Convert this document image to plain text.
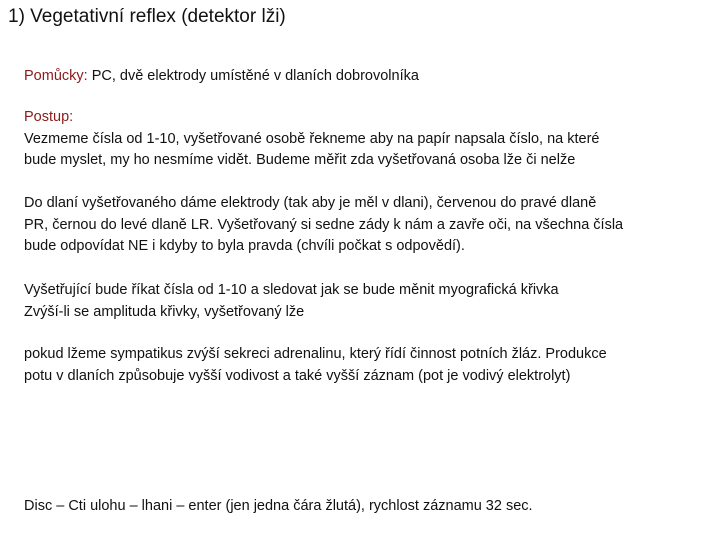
1) Vegetativní reflex (detektor lži)
Pomůcky: PC, dvě elektrody umístěné v dlaních dobrovolníka
Postup:
Vezmeme čísla od 1-10, vyšetřované osobě řekneme aby na papír napsala číslo, na které
bude myslet, my ho nesmíme vidět. Budeme měřit zda vyšetřovaná osoba lže či nelže
Do dlaní vyšetřovaného dáme elektrody (tak aby je měl v dlani), červenou do pravé dlaně
PR, černou do levé dlaně LR. Vyšetřovaný si sedne zády k nám a zavře oči, na všechna čísla
bude odpovídat NE i kdyby to byla pravda (chvíli počkat s odpovědí).
Vyšetřující bude říkat čísla od 1-10 a sledovat jak se bude měnit myografická křivka
Zvýší-li se amplituda křivky, vyšetřovaný lže
pokud lžeme sympatikus zvýší sekreci adrenalinu, který řídí činnost potních žláz. Produkce
potu v dlaních způsobuje vyšší vodivost a také vyšší záznam (pot je vodivý elektrolyt)
Disc – Cti ulohu – lhani – enter (jen jedna čára žlutá), rychlost záznamu 32 sec.
